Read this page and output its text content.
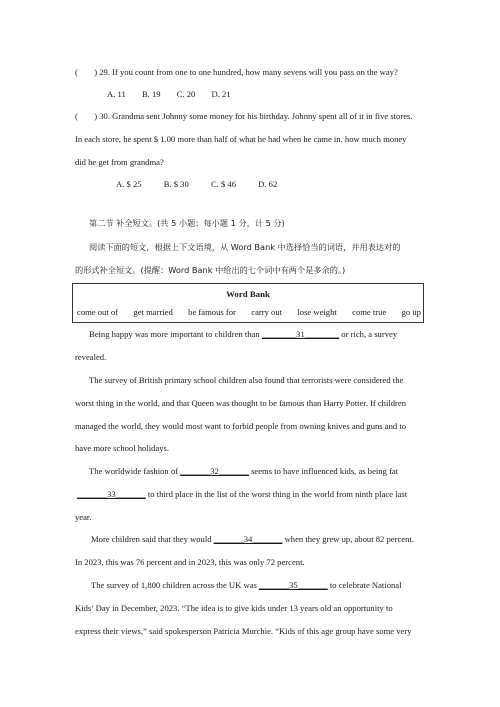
( ) 29. If you count from one to one hundred, how many sevens will you pass on the way?
A. 11 B. 19 C. 20 D. 21
( ) 30. Grandma sent Johnny some money for his birthday. Johnny spent all of it in five stores.
In each store, he spent $ 1.00 more than half of what he had when he came in. how much money
did he get from grandma?
A. $ 25	B. $ 30	C. $ 46	D. 62
第二节 补全短文。(共 5 小题；每小题 1 分，计 5 分)
阅读下面的短文，根据上下文语境，从 Word Bank 中选择恰当的词语，并用表达对的
的形式补全短文。(提醒：Word Bank 中给出的七个词中有两个是多余的。)
Word Bank
come out of get married be famous for carry out lose weight come true go up
Being happy was more important to children than ________31________ or rich, a survey
revealed.
The survey of British primary school children also found that terrorists were considered the
worst thing in the world, and that Queen was thought to be famous than Harry Potter. If children
managed the world, they would most want to forbid people from owning knives and guns and to
have more school holidays.
The worldwide fashion of _______32_______ seems to have influenced kids, as being fat
_______33_______ to third place in the list of the worst thing in the world from ninth place last
year.
More children said that they would _______34_______ when they grew up, about 82 percent.
In 2023, this was 76 percent and in 2023, this was only 72 percent.
The survey of 1,800 children across the UK was _______35_______ to celebrate National
Kids’ Day in December, 2023. “The idea is to give kids under 13 years old an opportunity to
express their views,” said spokesperson Patricia Murchie. “Kids of this age group have some very
